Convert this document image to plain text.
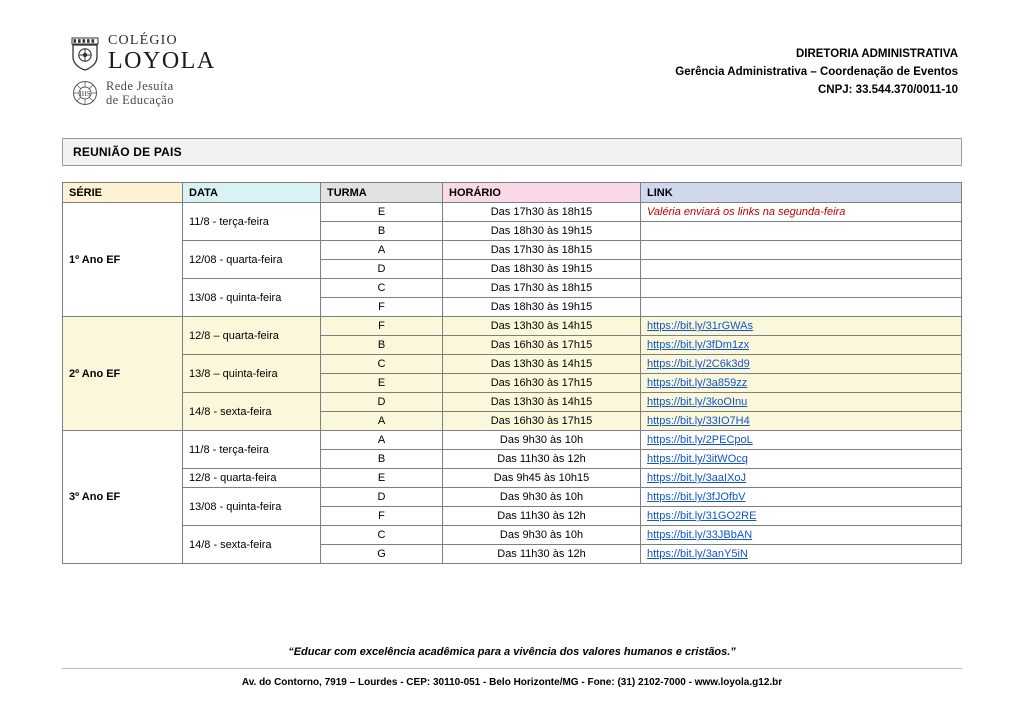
COLÉGIO
LOYOLA
IHS
Rede Jesuíta
de Educação
DIRETORIA ADMINISTRATIVA
Gerência Administrativa – Coordenação de Eventos
CNPJ: 33.544.370/0011-10
REUNIÃO DE PAIS
SÉRIE	DATA	TURMA	HORÁRIO	LINK
1º Ano EF	11/8 - terça-feira	E	Das 17h30 às 18h15	Valéria enviará os links na segunda-feira
		B	Das 18h30 às 19h15	
	12/08 - quarta-feira	A	Das 17h30 às 18h15	
		D	Das 18h30 às 19h15	
	13/08 - quinta-feira	C	Das 17h30 às 18h15	
		F	Das 18h30 às 19h15	
2º Ano EF	12/8 – quarta-feira	F	Das 13h30 às 14h15	https://bit.ly/31rGWAs
		B	Das 16h30 às 17h15	https://bit.ly/3fDm1zx
	13/8 – quinta-feira	C	Das 13h30 às 14h15	https://bit.ly/2C6k3d9
		E	Das 16h30 às 17h15	https://bit.ly/3a859zz
	14/8 - sexta-feira	D	Das 13h30 às 14h15	https://bit.ly/3koOInu
		A	Das 16h30 às 17h15	https://bit.ly/33IO7H4
3º Ano EF	11/8 - terça-feira	A	Das 9h30 às 10h	https://bit.ly/2PECpoL
		B	Das 11h30 às 12h	https://bit.ly/3itWOcq
	12/8 - quarta-feira	E	Das 9h45 às 10h15	https://bit.ly/3aaIXoJ
	13/08 - quinta-feira	D	Das 9h30 às 10h	https://bit.ly/3fJOfbV
		F	Das 11h30 às 12h	https://bit.ly/31GO2RE
	14/8 - sexta-feira	C	Das 9h30 às 10h	https://bit.ly/33JBbAN
		G	Das 11h30 às 12h	https://bit.ly/3anY5iN
“Educar com excelência acadêmica para a vivência dos valores humanos e cristãos.”
Av. do Contorno, 7919 – Lourdes - CEP: 30110-051 - Belo Horizonte/MG - Fone: (31) 2102-7000 - www.loyola.g12.br
